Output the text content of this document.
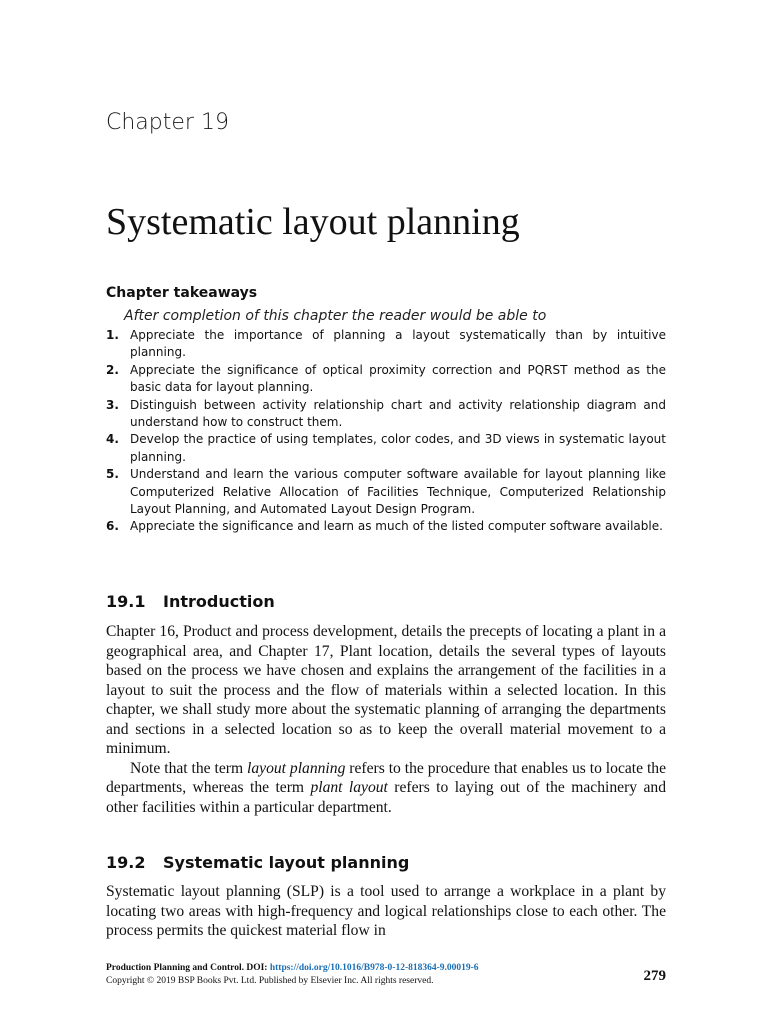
Chapter 19
Systematic layout planning
Chapter takeaways
After completion of this chapter the reader would be able to
1. Appreciate the importance of planning a layout systematically than by intuitive planning.
2. Appreciate the significance of optical proximity correction and PQRST method as the basic data for layout planning.
3. Distinguish between activity relationship chart and activity relationship diagram and understand how to construct them.
4. Develop the practice of using templates, color codes, and 3D views in systematic layout planning.
5. Understand and learn the various computer software available for layout planning like Computerized Relative Allocation of Facilities Technique, Computerized Relationship Layout Planning, and Automated Layout Design Program.
6. Appreciate the significance and learn as much of the listed computer software available.
19.1 Introduction

Chapter 16, Product and process development, details the precepts of locating a plant in a geographical area, and Chapter 17, Plant location, details the several types of layouts based on the process we have chosen and explains the arrangement of the facilities in a layout to suit the process and the flow of materials within a selected location. In this chapter, we shall study more about the systematic planning of arranging the departments and sections in a selected location so as to keep the overall material movement to a minimum.

Note that the term layout planning refers to the procedure that enables us to locate the departments, whereas the term plant layout refers to laying out of the machinery and other facilities within a particular department.

19.2 Systematic layout planning

Systematic layout planning (SLP) is a tool used to arrange a workplace in a plant by locating two areas with high-frequency and logical relationships close to each other. The process permits the quickest material flow in

Production Planning and Control. DOI: https://doi.org/10.1016/B978-0-12-818364-9.00019-6
Copyright © 2019 BSP Books Pvt. Ltd. Published by Elsevier Inc. All rights reserved.	279
